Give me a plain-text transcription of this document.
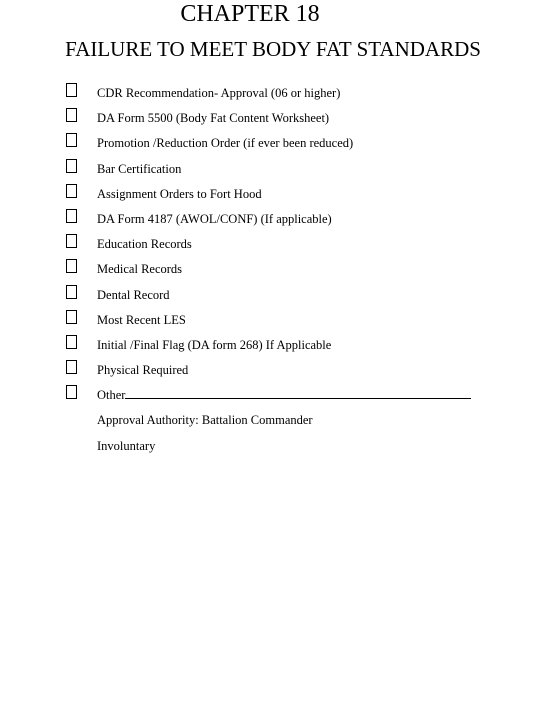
CHAPTER 18
FAILURE TO MEET BODY FAT STANDARDS
CDR Recommendation- Approval (06 or higher)
DA Form 5500 (Body Fat Content Worksheet)
Promotion /Reduction Order (if ever been reduced)
Bar Certification
Assignment Orders to Fort Hood
DA Form 4187 (AWOL/CONF) (If applicable)
Education Records
Medical Records
Dental Record
Most Recent LES
Initial /Final Flag (DA form 268) If Applicable
Physical Required
Other
Approval Authority: Battalion Commander
Involuntary
